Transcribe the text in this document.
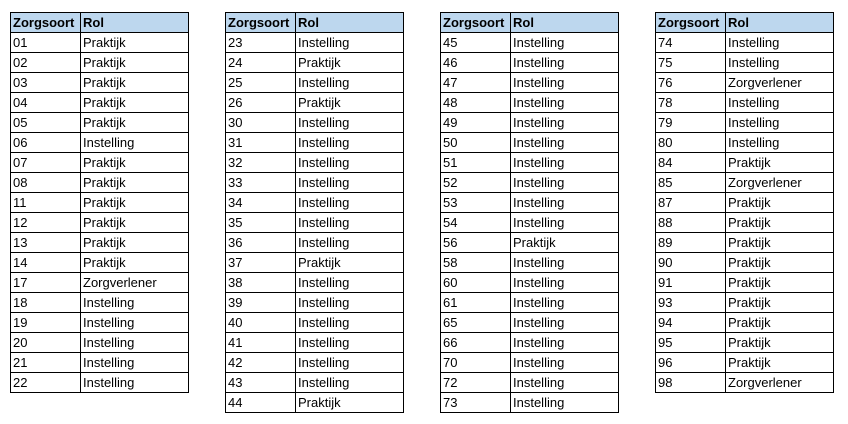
Zorgsoort	Rol
01	Praktijk
02	Praktijk
03	Praktijk
04	Praktijk
05	Praktijk
06	Instelling
07	Praktijk
08	Praktijk
11	Praktijk
12	Praktijk
13	Praktijk
14	Praktijk
17	Zorgverlener
18	Instelling
19	Instelling
20	Instelling
21	Instelling
22	Instelling
Zorgsoort	Rol
23	Instelling
24	Praktijk
25	Instelling
26	Praktijk
30	Instelling
31	Instelling
32	Instelling
33	Instelling
34	Instelling
35	Instelling
36	Instelling
37	Praktijk
38	Instelling
39	Instelling
40	Instelling
41	Instelling
42	Instelling
43	Instelling
44	Praktijk
Zorgsoort	Rol
45	Instelling
46	Instelling
47	Instelling
48	Instelling
49	Instelling
50	Instelling
51	Instelling
52	Instelling
53	Instelling
54	Instelling
56	Praktijk
58	Instelling
60	Instelling
61	Instelling
65	Instelling
66	Instelling
70	Instelling
72	Instelling
73	Instelling
Zorgsoort	Rol
74	Instelling
75	Instelling
76	Zorgverlener
78	Instelling
79	Instelling
80	Instelling
84	Praktijk
85	Zorgverlener
87	Praktijk
88	Praktijk
89	Praktijk
90	Praktijk
91	Praktijk
93	Praktijk
94	Praktijk
95	Praktijk
96	Praktijk
98	Zorgverlener
